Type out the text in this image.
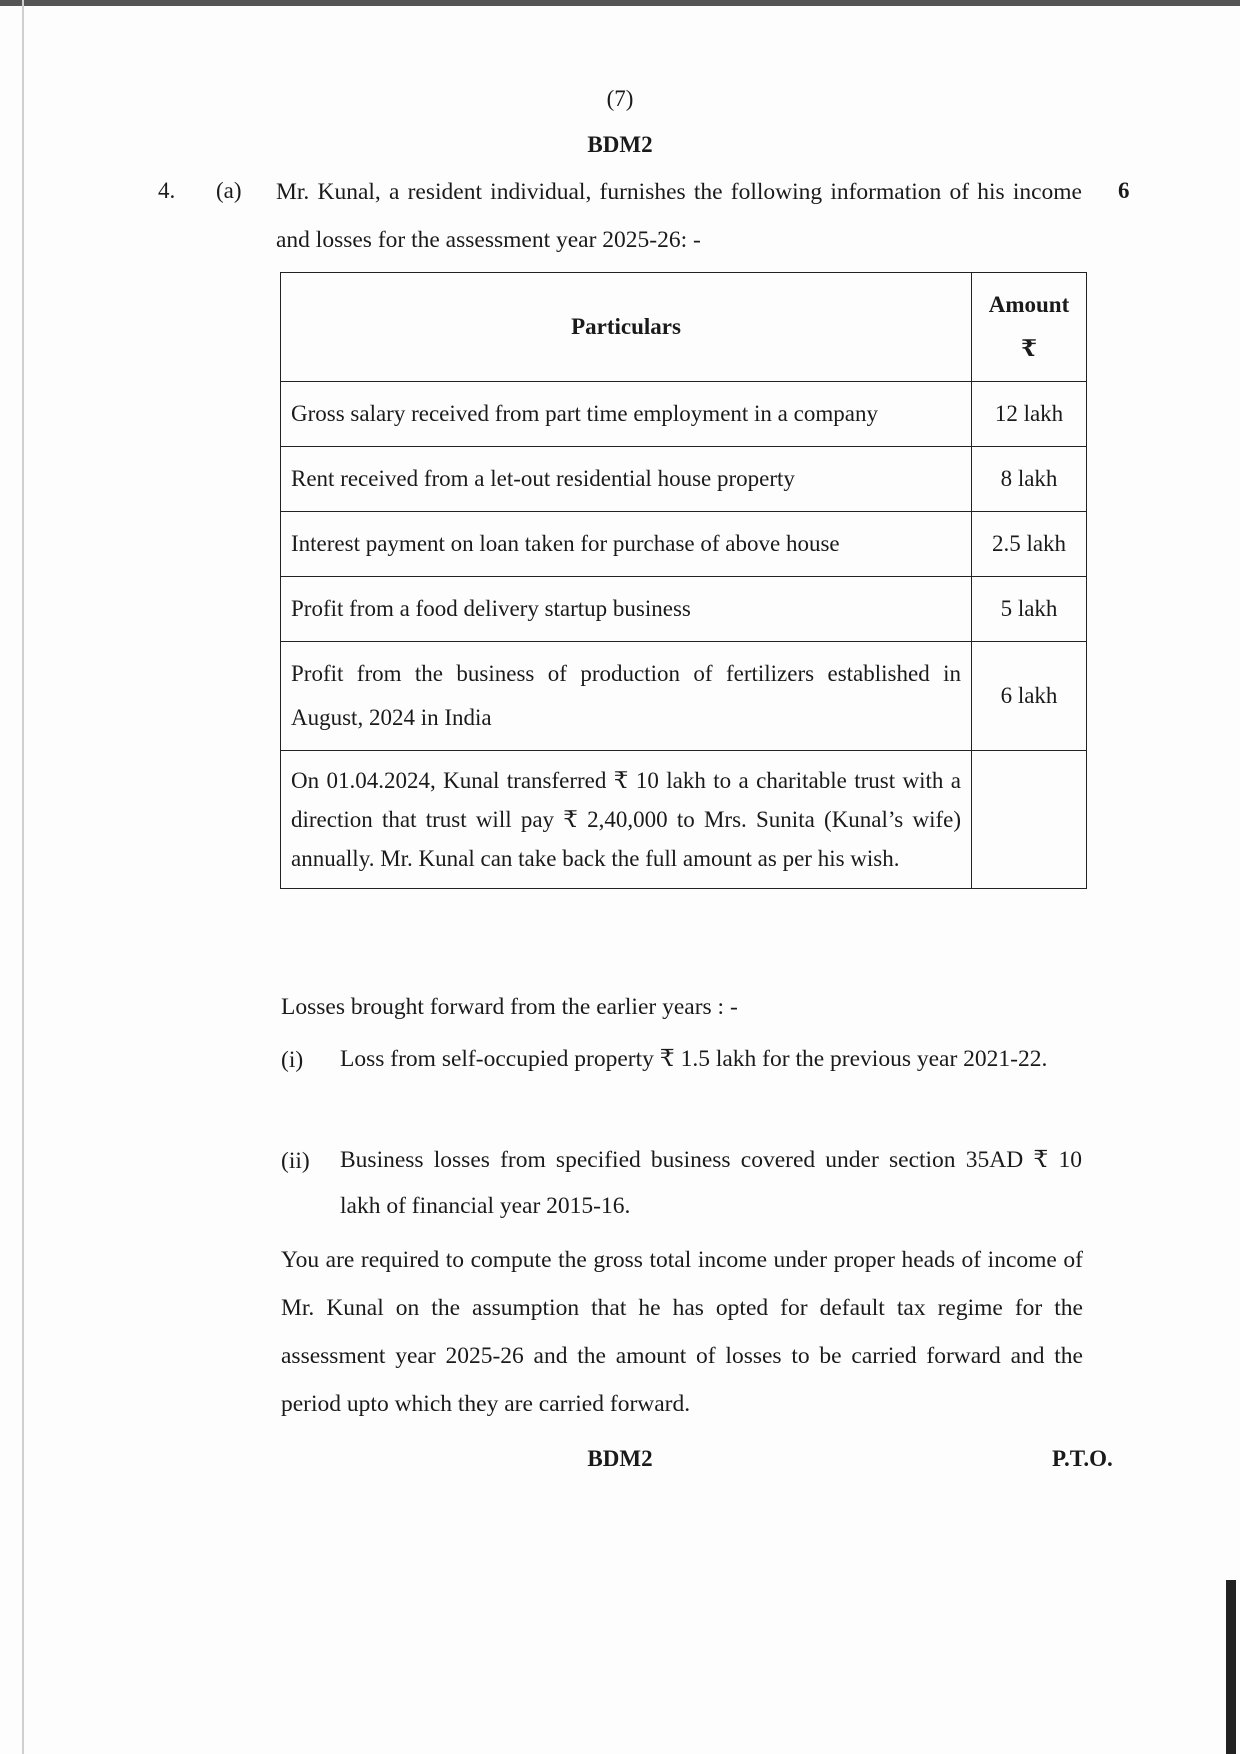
(7)
BDM2
4. (a)	6
Mr. Kunal, a resident individual, furnishes the following information of his income and losses for the assessment year 2025-26: -
Particulars	Amount
₹

Gross salary received from part time employment in a company	12 lakh
Rent received from a let-out residential house property	8 lakh
Interest payment on loan taken for purchase of above house	2.5 lakh
Profit from a food delivery startup business	5 lakh
Profit from the business of production of fertilizers established in August, 2024 in India	6 lakh
On 01.04.2024, Kunal transferred ₹ 10 lakh to a charitable trust with a direction that trust will pay ₹ 2,40,000 to Mrs. Sunita (Kunal’s wife) annually. Mr. Kunal can take back the full amount as per his wish.	
Losses brought forward from the earlier years : -
(i) Loss from self-occupied property ₹ 1.5 lakh for the previous year 2021-22.
(ii) Business losses from specified business covered under section 35AD ₹ 10 lakh of financial year 2015-16.
You are required to compute the gross total income under proper heads of income of Mr. Kunal on the assumption that he has opted for default tax regime for the assessment year 2025-26 and the amount of losses to be carried forward and the period upto which they are carried forward.
BDM2	P.T.O.
